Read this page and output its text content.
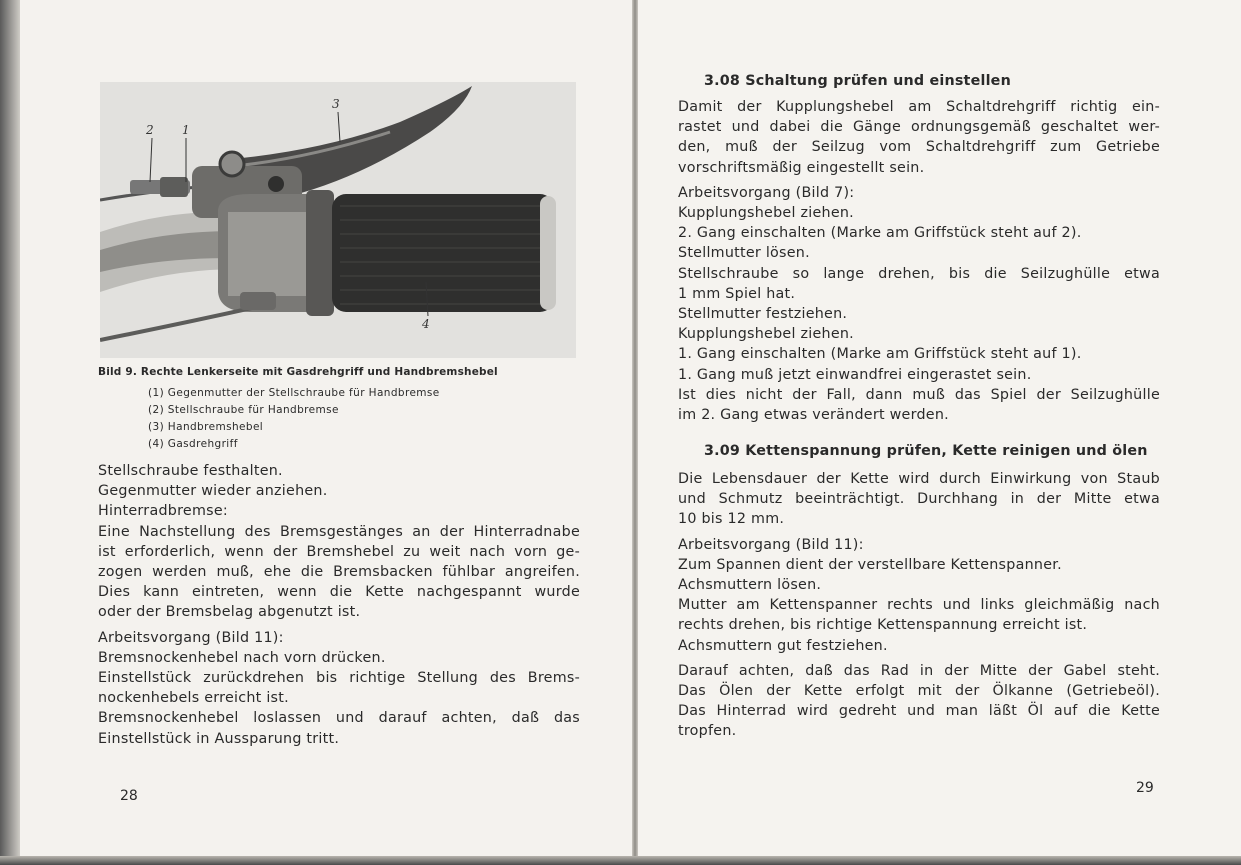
2 1
3
4
Bild 9. Rechte Lenkerseite mit Gasdrehgriff und Handbremshebel
(1) Gegenmutter der Stellschraube für Handbremse
(2) Stellschraube für Handbremse
(3) Handbremshebel
(4) Gasdrehgriff

Stellschraube festhalten.

Gegenmutter wieder anziehen.

Hinterradbremse:

Eine Nachstellung des Bremsgestänges an der Hinterradnabe

ist erforderlich, wenn der Bremshebel zu weit nach vorn ge-

zogen werden muß, ehe die Bremsbacken fühlbar angreifen.

Dies kann eintreten, wenn die Kette nachgespannt wurde

oder der Bremsbelag abgenutzt ist.

Arbeitsvorgang (Bild 11):

Bremsnockenhebel nach vorn drücken.

Einstellstück zurückdrehen bis richtige Stellung des Brems-

nockenhebels erreicht ist.

Bremsnockenhebel loslassen und darauf achten, daß das

Einstellstück in Aussparung tritt.

28
3.08 Schaltung prüfen und einstellen

Damit der Kupplungshebel am Schaltdrehgriff richtig ein-

rastet und dabei die Gänge ordnungsgemäß geschaltet wer-

den, muß der Seilzug vom Schaltdrehgriff zum Getriebe

vorschriftsmäßig eingestellt sein.

Arbeitsvorgang (Bild 7):

Kupplungshebel ziehen.

2. Gang einschalten (Marke am Griffstück steht auf 2).

Stellmutter lösen.

Stellschraube so lange drehen, bis die Seilzughülle etwa

1 mm Spiel hat.

Stellmutter festziehen.

Kupplungshebel ziehen.

1. Gang einschalten (Marke am Griffstück steht auf 1).

1. Gang muß jetzt einwandfrei eingerastet sein.

Ist dies nicht der Fall, dann muß das Spiel der Seilzughülle

im 2. Gang etwas verändert werden.

3.09 Kettenspannung prüfen, Kette reinigen und ölen

Die Lebensdauer der Kette wird durch Einwirkung von Staub

und Schmutz beeinträchtigt. Durchhang in der Mitte etwa

10 bis 12 mm.

Arbeitsvorgang (Bild 11):

Zum Spannen dient der verstellbare Kettenspanner.

Achsmuttern lösen.

Mutter am Kettenspanner rechts und links gleichmäßig nach

rechts drehen, bis richtige Kettenspannung erreicht ist.

Achsmuttern gut festziehen.

Darauf achten, daß das Rad in der Mitte der Gabel steht.

Das Ölen der Kette erfolgt mit der Ölkanne (Getriebeöl).

Das Hinterrad wird gedreht und man läßt Öl auf die Kette

tropfen.

29
